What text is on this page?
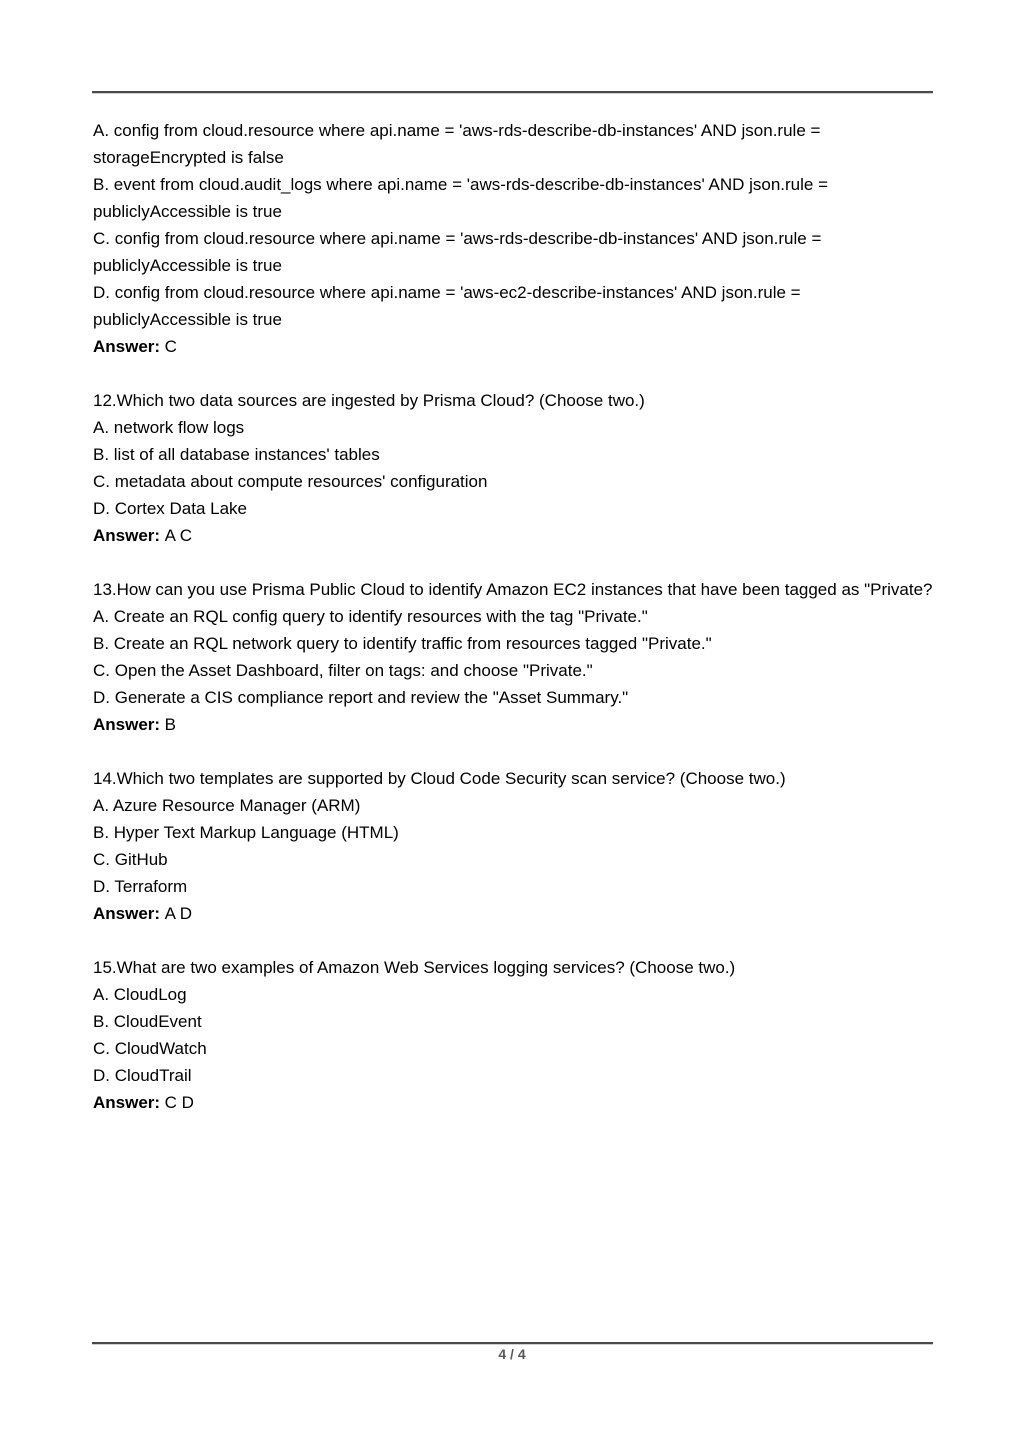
A. config from cloud.resource where api.name = 'aws-rds-describe-db-instances' AND json.rule = storageEncrypted is false

B. event from cloud.audit_logs where api.name = 'aws-rds-describe-db-instances' AND json.rule = publiclyAccessible is true

C. config from cloud.resource where api.name = 'aws-rds-describe-db-instances' AND json.rule = publiclyAccessible is true

D. config from cloud.resource where api.name = 'aws-ec2-describe-instances' AND json.rule = publiclyAccessible is true

Answer: C

12.Which two data sources are ingested by Prisma Cloud? (Choose two.)

A. network flow logs

B. list of all database instances' tables

C. metadata about compute resources' configuration

D. Cortex Data Lake

Answer: A C

13.How can you use Prisma Public Cloud to identify Amazon EC2 instances that have been tagged as "Private?

A. Create an RQL config query to identify resources with the tag "Private."

B. Create an RQL network query to identify traffic from resources tagged "Private."

C. Open the Asset Dashboard, filter on tags: and choose "Private."

D. Generate a CIS compliance report and review the "Asset Summary."

Answer: B

14.Which two templates are supported by Cloud Code Security scan service? (Choose two.)

A. Azure Resource Manager (ARM)

B. Hyper Text Markup Language (HTML)

C. GitHub

D. Terraform

Answer: A D

15.What are two examples of Amazon Web Services logging services? (Choose two.)

A. CloudLog

B. CloudEvent

C. CloudWatch

D. CloudTrail

Answer: C D

4 / 4
